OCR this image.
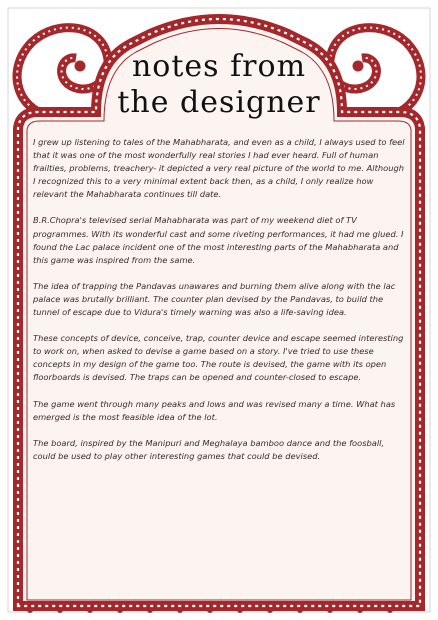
notes from
the designer

I grew up listening to tales of the Mahabharata, and even as a child, I always used to feel that it was one of the most wonderfully real stories I had ever heard. Full of human frailties, problems, treachery- it depicted a very real picture of the world to me. Although I recognized this to a very minimal extent back then, as a child, I only realize how relevant the Mahabharata continues till date.

B.R.Chopra's televised serial Mahabharata was part of my weekend diet of TV programmes. With its wonderful cast and some riveting performances, it had me glued. I found the Lac palace incident one of the most interesting parts of the Mahabharata and this game was inspired from the same.

The idea of trapping the Pandavas unawares and burning them alive along with the lac palace was brutally brilliant. The counter plan devised by the Pandavas, to build the tunnel of escape due to Vidura's timely warning was also a life-saving idea.

These concepts of device, conceive, trap, counter device and escape seemed interesting to work on, when asked to devise a game based on a story. I've tried to use these concepts in my design of the game too. The route is devised, the game with its open floorboards is devised. The traps can be opened and counter-closed to escape.

The game went through many peaks and lows and was revised many a time. What has emerged is the most feasible idea of the lot.

The board, inspired by the Manipuri and Meghalaya bamboo dance and the foosball, could be used to play other interesting games that could be devised.
